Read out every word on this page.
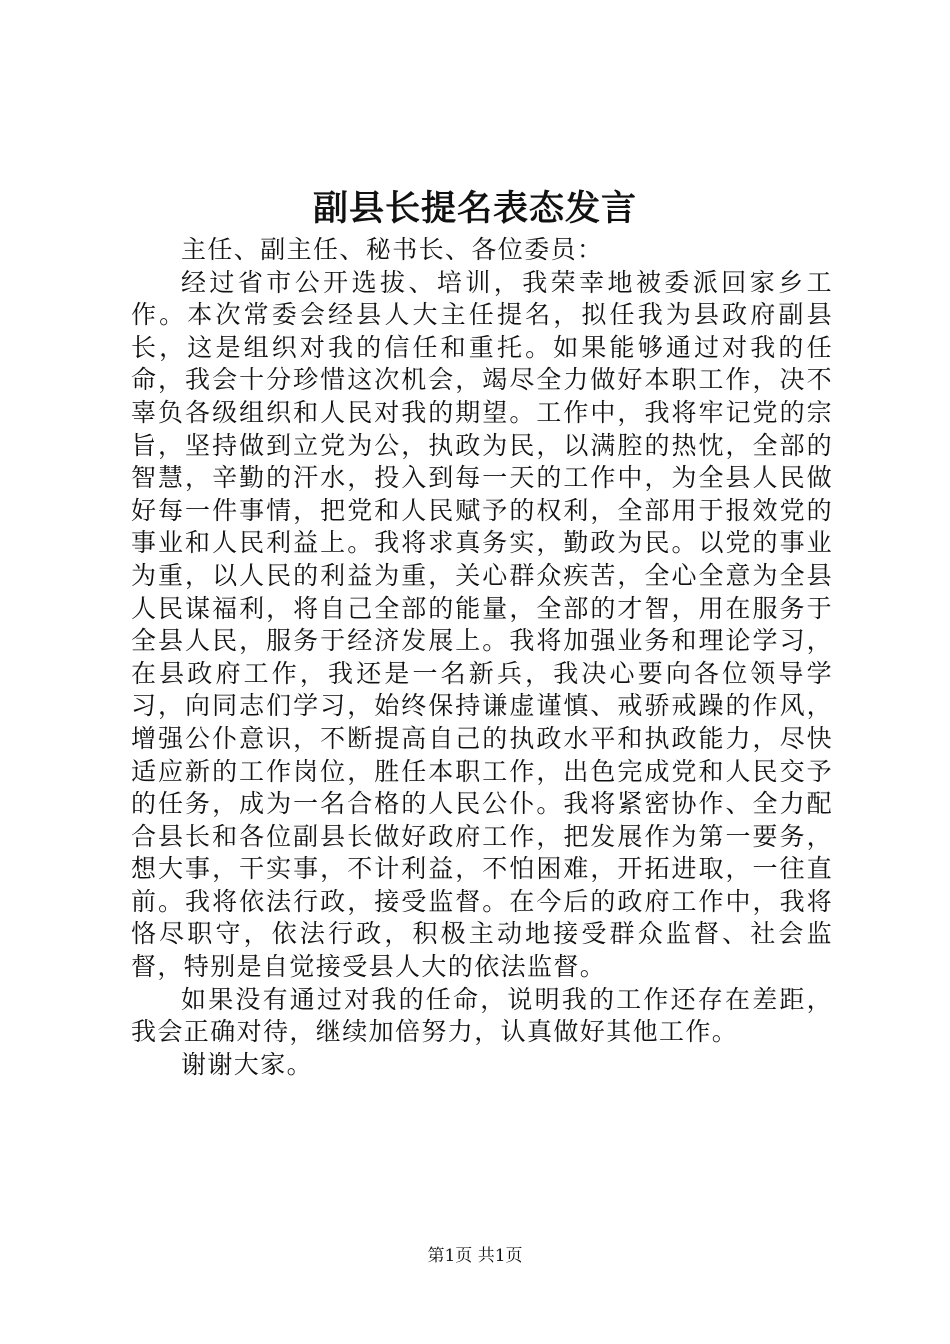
副县长提名表态发言

主任、副主任、秘书长、各位委员：

经过省市公开选拔、培训，我荣幸地被委派回家乡工作。本次常委会经县人大主任提名，拟任我为县政府副县长，这是组织对我的信任和重托。如果能够通过对我的任命，我会十分珍惜这次机会，竭尽全力做好本职工作，决不辜负各级组织和人民对我的期望。工作中，我将牢记党的宗旨，坚持做到立党为公，执政为民，以满腔的热忱，全部的智慧，辛勤的汗水，投入到每一天的工作中，为全县人民做好每一件事情，把党和人民赋予的权利，全部用于报效党的事业和人民利益上。我将求真务实，勤政为民。以党的事业为重，以人民的利益为重，关心群众疾苦，全心全意为全县人民谋福利，将自己全部的能量，全部的才智，用在服务于全县人民，服务于经济发展上。我将加强业务和理论学习，在县政府工作，我还是一名新兵，我决心要向各位领导学习，向同志们学习，始终保持谦虚谨慎、戒骄戒躁的作风，增强公仆意识，不断提高自己的执政水平和执政能力，尽快适应新的工作岗位，胜任本职工作，出色完成党和人民交予的任务，成为一名合格的人民公仆。我将紧密协作、全力配合县长和各位副县长做好政府工作，把发展作为第一要务，想大事，干实事，不计利益，不怕困难，开拓进取，一往直前。我将依法行政，接受监督。在今后的政府工作中，我将恪尽职守，依法行政，积极主动地接受群众监督、社会监督，特别是自觉接受县人大的依法监督。

如果没有通过对我的任命，说明我的工作还存在差距，我会正确对待，继续加倍努力，认真做好其他工作。

谢谢大家。

第1页 共1页
